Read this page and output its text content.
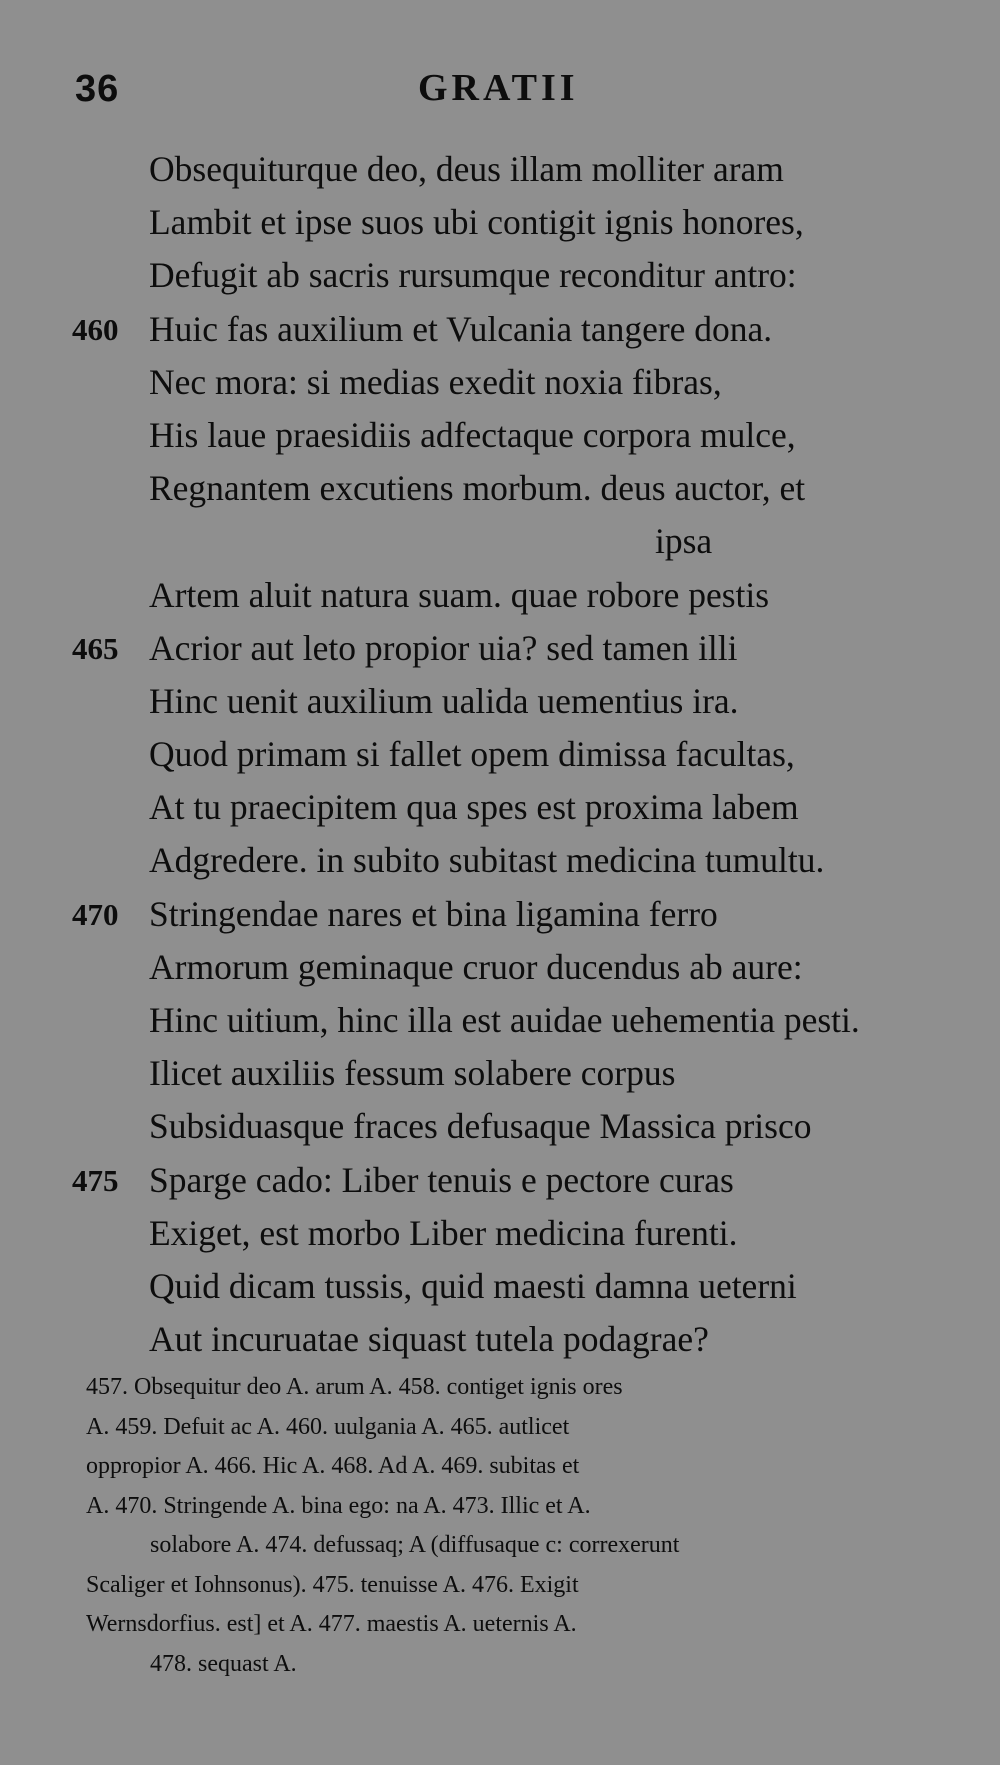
36	GRATII
Obsequiturque deo, deus illam molliter aram
Lambit et ipse suos ubi contigit ignis honores,
Defugit ab sacris rursumque reconditur antro:
460 Huic fas auxilium et Vulcania tangere dona.
Nec mora: si medias exedit noxia fibras,
His laue praesidiis adfectaque corpora mulce,
Regnantem excutiens morbum. deus auctor, et
ipsa
Artem aluit natura suam. quae robore pestis
465 Acrior aut leto propior uia? sed tamen illi
Hinc uenit auxilium ualida uementius ira.
Quod primam si fallet opem dimissa facultas,
At tu praecipitem qua spes est proxima labem
Adgredere. in subito subitast medicina tumultu.
470 Stringendae nares et bina ligamina ferro
Armorum geminaque cruor ducendus ab aure:
Hinc uitium, hinc illa est auidae uehementia pesti.
Ilicet auxiliis fessum solabere corpus
Subsiduasque fraces defusaque Massica prisco
475 Sparge cado: Liber tenuis e pectore curas
Exiget, est morbo Liber medicina furenti.
Quid dicam tussis, quid maesti damna ueterni
Aut incuruatae siquast tutela podagrae?
457. Obsequitur deo A. arum A. 458. contiget ignis ores
A. 459. Defuit ac A. 460. uulgania A. 465. autlicet
oppropior A. 466. Hic A. 468. Ad A. 469. subitas et
A. 470. Stringende A. bina ego: na A. 473. Illic et A.
solabore A. 474. defussaq; A (diffusaque c: correxerunt
Scaliger et Iohnsonus). 475. tenuisse A. 476. Exigit
Wernsdorfius. est] et A. 477. maestis A. ueternis A.
478. sequast A.
